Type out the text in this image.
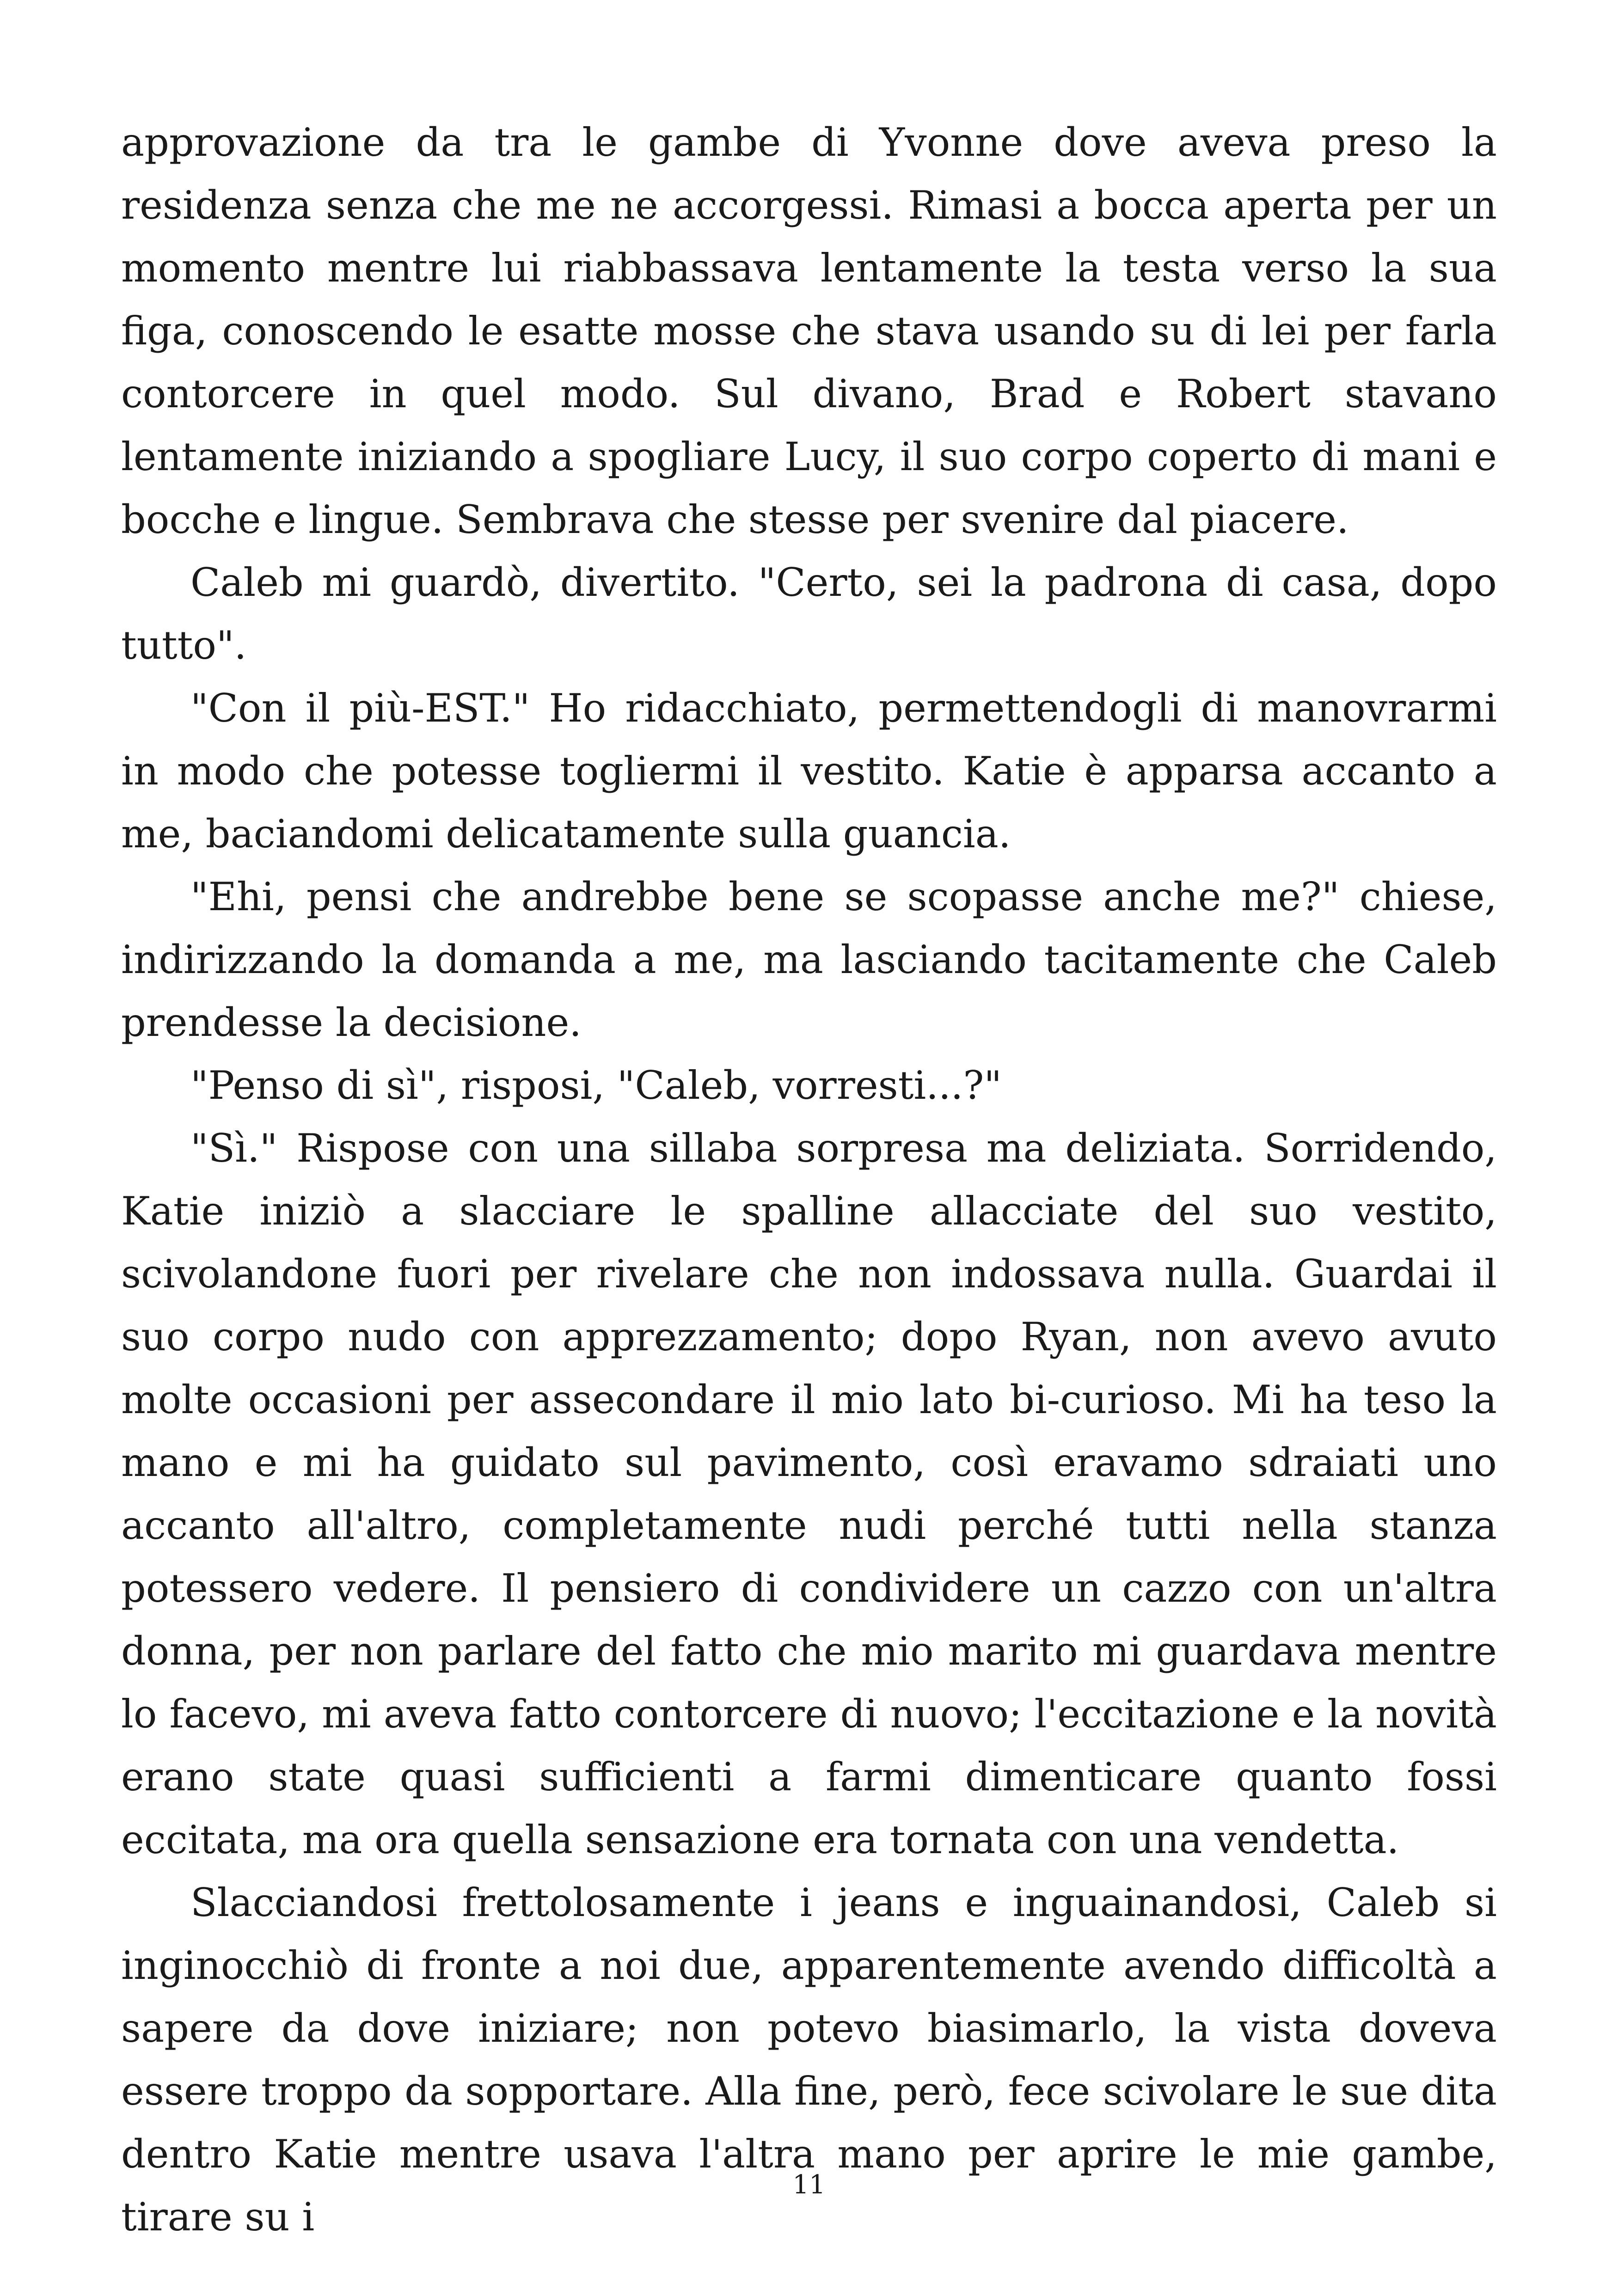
approvazione da tra le gambe di Yvonne dove aveva preso la residenza senza che me ne accorgessi. Rimasi a bocca aperta per un momento mentre lui riabbassava lentamente la testa verso la sua figa, conoscendo le esatte mosse che stava usando su di lei per farla contorcere in quel modo. Sul divano, Brad e Robert stavano lentamente iniziando a spogliare Lucy, il suo corpo coperto di mani e bocche e lingue. Sembrava che stesse per svenire dal piacere.

Caleb mi guardò, divertito. "Certo, sei la padrona di casa, dopo tutto".

"Con il più-EST." Ho ridacchiato, permettendogli di manovrarmi in modo che potesse togliermi il vestito. Katie è apparsa accanto a me, baciandomi delicatamente sulla guancia.

"Ehi, pensi che andrebbe bene se scopasse anche me?" chiese, indirizzando la domanda a me, ma lasciando tacitamente che Caleb prendesse la decisione.

"Penso di sì", risposi, "Caleb, vorresti...?"

"Sì." Rispose con una sillaba sorpresa ma deliziata. Sorridendo, Katie iniziò a slacciare le spalline allacciate del suo vestito, scivolandone fuori per rivelare che non indossava nulla. Guardai il suo corpo nudo con apprezzamento; dopo Ryan, non avevo avuto molte occasioni per assecondare il mio lato bi-curioso. Mi ha teso la mano e mi ha guidato sul pavimento, così eravamo sdraiati uno accanto all'altro, completamente nudi perché tutti nella stanza potessero vedere. Il pensiero di condividere un cazzo con un'altra donna, per non parlare del fatto che mio marito mi guardava mentre lo facevo, mi aveva fatto contorcere di nuovo; l'eccitazione e la novità erano state quasi sufficienti a farmi dimenticare quanto fossi eccitata, ma ora quella sensazione era tornata con una vendetta.

Slacciandosi frettolosamente i jeans e inguainandosi, Caleb si inginocchiò di fronte a noi due, apparentemente avendo difficoltà a sapere da dove iniziare; non potevo biasimarlo, la vista doveva essere troppo da sopportare. Alla fine, però, fece scivolare le sue dita dentro Katie mentre usava l'altra mano per aprire le mie gambe, tirare su i

11
